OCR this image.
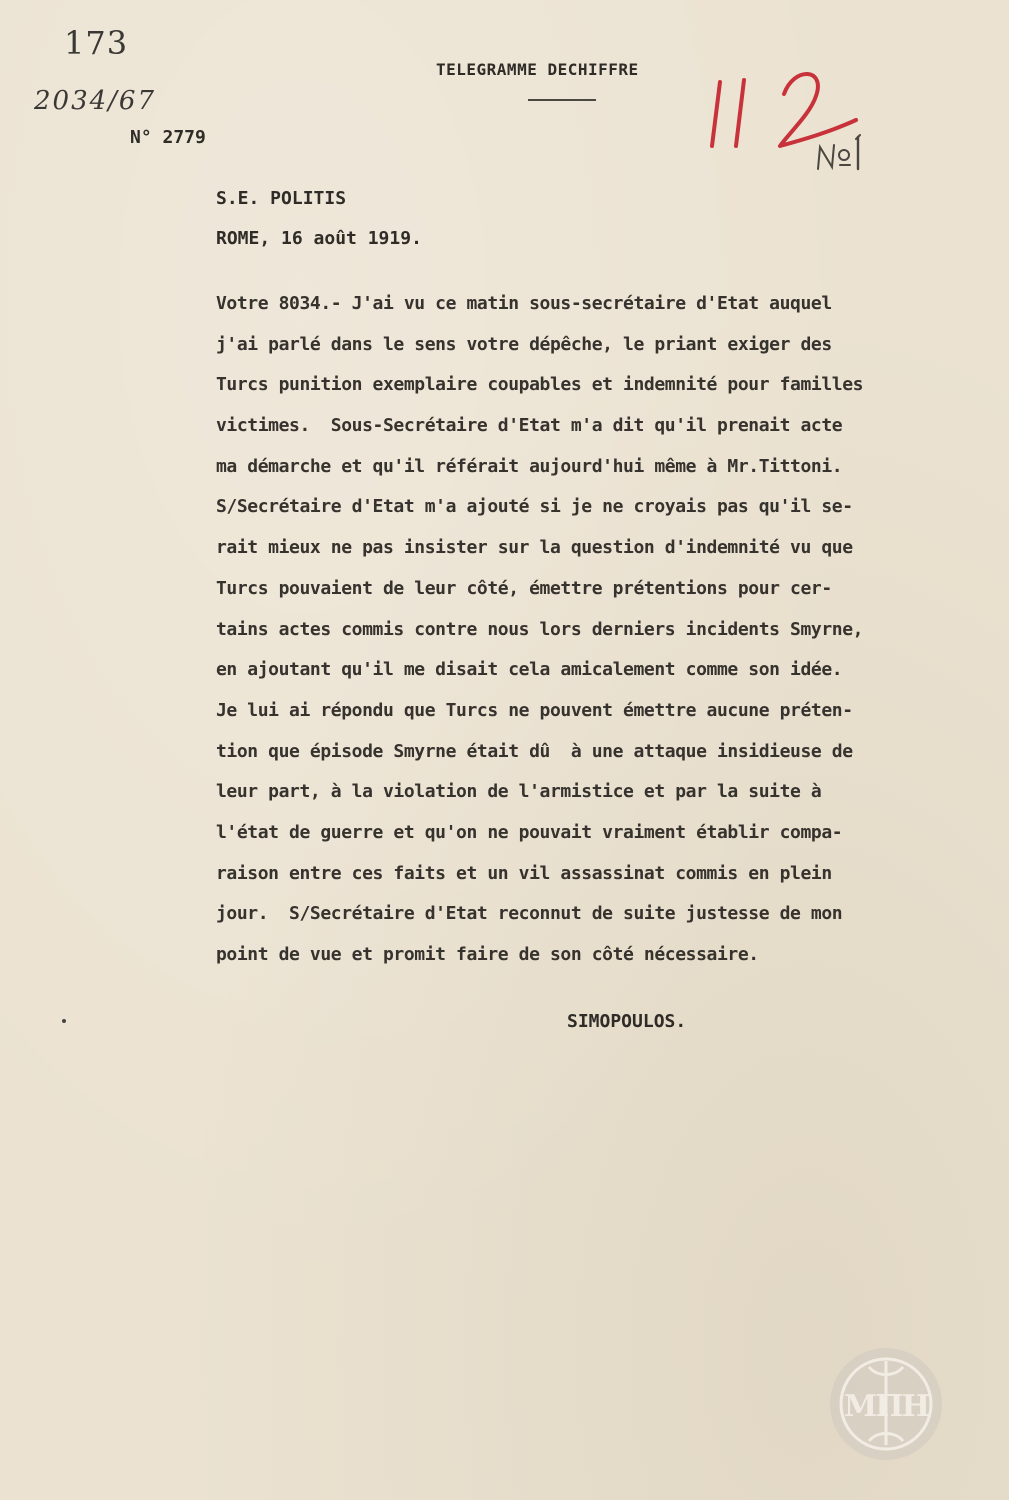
173
2034/67
N° 2779
TELEGRAMME DECHIFFRE
S.E. POLITIS
ROME, 16 août 1919.
Votre 8034.- J'ai vu ce matin sous-secrétaire d'Etat auquel
j'ai parlé dans le sens votre dépêche, le priant exiger des
Turcs punition exemplaire coupables et indemnité pour familles
victimes.  Sous-Secrétaire d'Etat m'a dit qu'il prenait acte
ma démarche et qu'il référait aujourd'hui même à Mr.Tittoni.
S/Secrétaire d'Etat m'a ajouté si je ne croyais pas qu'il se-
rait mieux ne pas insister sur la question d'indemnité vu que
Turcs pouvaient de leur côté, émettre prétentions pour cer-
tains actes commis contre nous lors derniers incidents Smyrne,
en ajoutant qu'il me disait cela amicalement comme son idée.
Je lui ai répondu que Turcs ne pouvent émettre aucune préten-
tion que épisode Smyrne était dû  à une attaque insidieuse de
leur part, à la violation de l'armistice et par la suite à
l'état de guerre et qu'on ne pouvait vraiment établir compa-
raison entre ces faits et un vil assassinat commis en plein
jour.  S/Secrétaire d'Etat reconnut de suite justesse de mon
point de vue et promit faire de son côté nécessaire.
SIMOPOULOS.
ΜΠΗ
